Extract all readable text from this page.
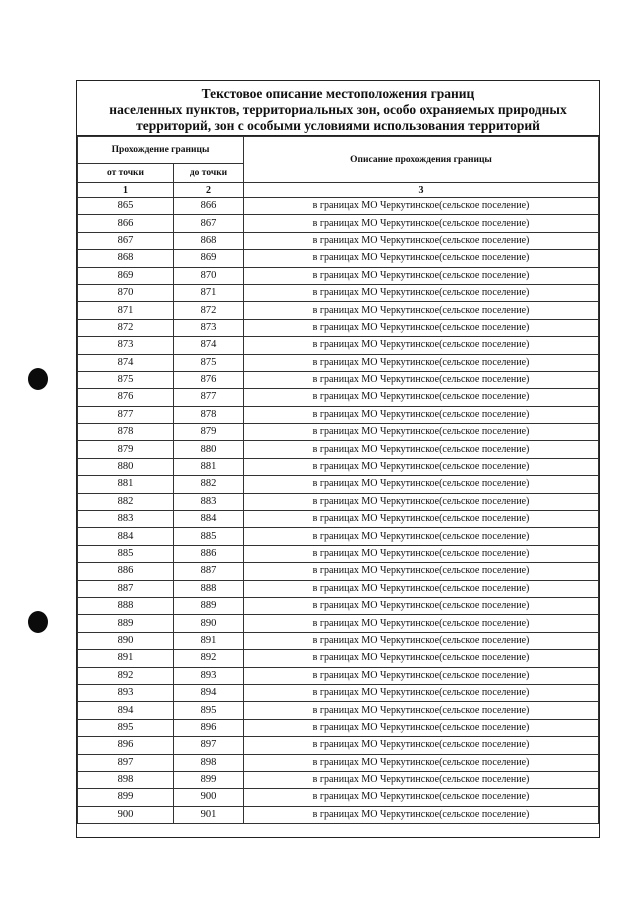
Текстовое описание местоположения границ
населенных пунктов, территориальных зон, особо охраняемых природных
территорий, зон с особыми условиями использования территорий
Прохождение границы		Описание прохождения границы
от точки	до точки	
1	2	3
865	866	в границах МО Черкутинское(сельское поселение)
866	867	в границах МО Черкутинское(сельское поселение)
867	868	в границах МО Черкутинское(сельское поселение)
868	869	в границах МО Черкутинское(сельское поселение)
869	870	в границах МО Черкутинское(сельское поселение)
870	871	в границах МО Черкутинское(сельское поселение)
871	872	в границах МО Черкутинское(сельское поселение)
872	873	в границах МО Черкутинское(сельское поселение)
873	874	в границах МО Черкутинское(сельское поселение)
874	875	в границах МО Черкутинское(сельское поселение)
875	876	в границах МО Черкутинское(сельское поселение)
876	877	в границах МО Черкутинское(сельское поселение)
877	878	в границах МО Черкутинское(сельское поселение)
878	879	в границах МО Черкутинское(сельское поселение)
879	880	в границах МО Черкутинское(сельское поселение)
880	881	в границах МО Черкутинское(сельское поселение)
881	882	в границах МО Черкутинское(сельское поселение)
882	883	в границах МО Черкутинское(сельское поселение)
883	884	в границах МО Черкутинское(сельское поселение)
884	885	в границах МО Черкутинское(сельское поселение)
885	886	в границах МО Черкутинское(сельское поселение)
886	887	в границах МО Черкутинское(сельское поселение)
887	888	в границах МО Черкутинское(сельское поселение)
888	889	в границах МО Черкутинское(сельское поселение)
889	890	в границах МО Черкутинское(сельское поселение)
890	891	в границах МО Черкутинское(сельское поселение)
891	892	в границах МО Черкутинское(сельское поселение)
892	893	в границах МО Черкутинское(сельское поселение)
893	894	в границах МО Черкутинское(сельское поселение)
894	895	в границах МО Черкутинское(сельское поселение)
895	896	в границах МО Черкутинское(сельское поселение)
896	897	в границах МО Черкутинское(сельское поселение)
897	898	в границах МО Черкутинское(сельское поселение)
898	899	в границах МО Черкутинское(сельское поселение)
899	900	в границах МО Черкутинское(сельское поселение)
900	901	в границах МО Черкутинское(сельское поселение)
